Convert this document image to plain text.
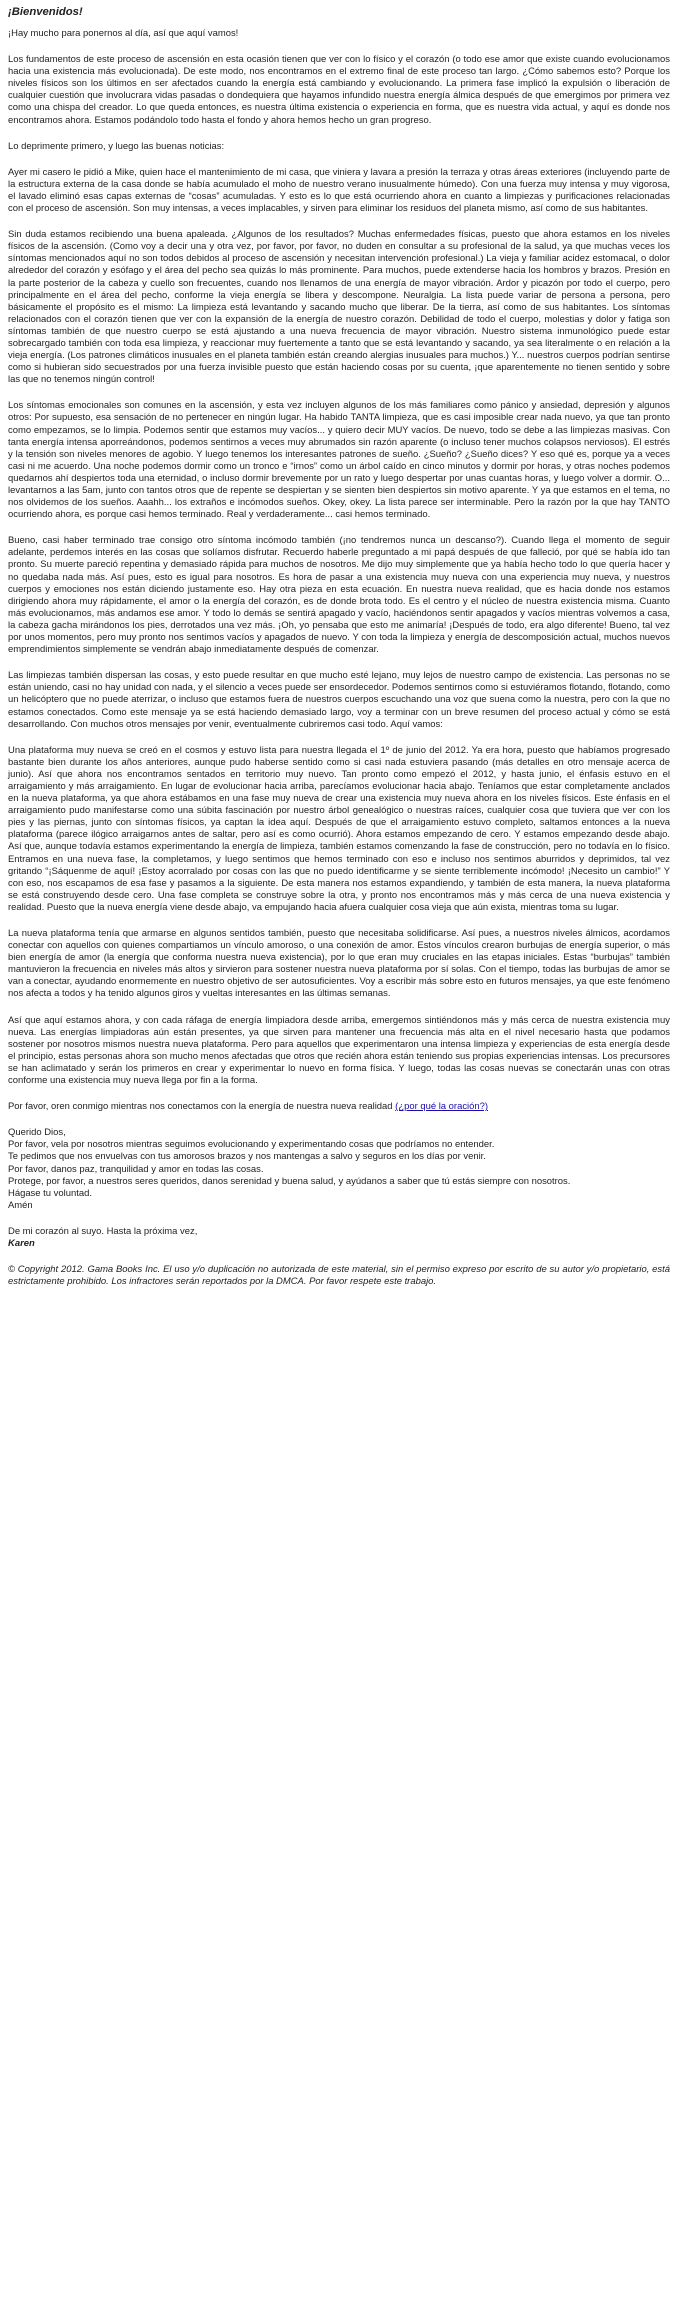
¡Bienvenidos!

¡Hay mucho para ponernos al día, así que aquí vamos!

Los fundamentos de este proceso de ascensión en esta ocasión tienen que ver con lo físico y el corazón (o todo ese amor que existe cuando evolucionamos hacia una existencia más evolucionada). De este modo, nos encontramos en el extremo final de este proceso tan largo. ¿Cómo sabemos esto? Porque los niveles físicos son los últimos en ser afectados cuando la energía está cambiando y evolucionando. La primera fase implicó la expulsión o liberación de cualquier cuestión que involucrara vidas pasadas o dondequiera que hayamos infundido nuestra energía álmica después de que emergimos por primera vez como una chispa del creador. Lo que queda entonces, es nuestra última existencia o experiencia en forma, que es nuestra vida actual, y aquí es donde nos encontramos ahora. Estamos podándolo todo hasta el fondo y ahora hemos hecho un gran progreso.

Lo deprimente primero, y luego las buenas noticias:

Ayer mi casero le pidió a Mike, quien hace el mantenimiento de mi casa, que viniera y lavara a presión la terraza y otras áreas exteriores (incluyendo parte de la estructura externa de la casa donde se había acumulado el moho de nuestro verano inusualmente húmedo). Con una fuerza muy intensa y muy vigorosa, el lavado eliminó esas capas externas de “cosas” acumuladas. Y esto es lo que está ocurriendo ahora en cuanto a limpiezas y purificaciones relacionadas con el proceso de ascensión. Son muy intensas, a veces implacables, y sirven para eliminar los residuos del planeta mismo, así como de sus habitantes.

Sin duda estamos recibiendo una buena apaleada. ¿Algunos de los resultados? Muchas enfermedades físicas, puesto que ahora estamos en los niveles físicos de la ascensión. (Como voy a decir una y otra vez, por favor, por favor, no duden en consultar a su profesional de la salud, ya que muchas veces los síntomas mencionados aquí no son todos debidos al proceso de ascensión y necesitan intervención profesional.) La vieja y familiar acidez estomacal, o dolor alrededor del corazón y esófago y el área del pecho sea quizás lo más prominente. Para muchos, puede extenderse hacia los hombros y brazos. Presión en la parte posterior de la cabeza y cuello son frecuentes, cuando nos llenamos de una energía de mayor vibración. Ardor y picazón por todo el cuerpo, pero principalmente en el área del pecho, conforme la vieja energía se libera y descompone. Neuralgia. La lista puede variar de persona a persona, pero básicamente el propósito es el mismo: La limpieza está levantando y sacando mucho que liberar. De la tierra, así como de sus habitantes. Los síntomas relacionados con el corazón tienen que ver con la expansión de la energía de nuestro corazón. Debilidad de todo el cuerpo, molestias y dolor y fatiga son síntomas también de que nuestro cuerpo se está ajustando a una nueva frecuencia de mayor vibración. Nuestro sistema inmunológico puede estar sobrecargado también con toda esa limpieza, y reaccionar muy fuertemente a tanto que se está levantando y sacando, ya sea literalmente o en relación a la vieja energía. (Los patrones climáticos inusuales en el planeta también están creando alergias inusuales para muchos.) Y... nuestros cuerpos podrían sentirse como si hubieran sido secuestrados por una fuerza invisible puesto que están haciendo cosas por su cuenta, ¡que aparentemente no tienen sentido y sobre las que no tenemos ningún control!

Los síntomas emocionales son comunes en la ascensión, y esta vez incluyen algunos de los más familiares como pánico y ansiedad, depresión y algunos otros: Por supuesto, esa sensación de no pertenecer en ningún lugar. Ha habido TANTA limpieza, que es casi imposible crear nada nuevo, ya que tan pronto como empezamos, se lo limpia. Podemos sentir que estamos muy vacíos... y quiero decir MUY vacíos. De nuevo, todo se debe a las limpiezas masivas. Con tanta energía intensa aporreándonos, podemos sentirnos a veces muy abrumados sin razón aparente (o incluso tener muchos colapsos nerviosos). El estrés y la tensión son niveles menores de agobio. Y luego tenemos los interesantes patrones de sueño. ¿Sueño? ¿Sueño dices? Y eso qué es, porque ya a veces casi ni me acuerdo. Una noche podemos dormir como un tronco e “irnos” como un árbol caído en cinco minutos y dormir por horas, y otras noches podemos quedarnos ahí despiertos toda una eternidad, o incluso dormir brevemente por un rato y luego despertar por unas cuantas horas, y luego volver a dormir. O... levantarnos a las 5am, junto con tantos otros que de repente se despiertan y se sienten bien despiertos sin motivo aparente. Y ya que estamos en el tema, no nos olvidemos de los sueños. Aaahh... los extraños e incómodos sueños. Okey, okey. La lista parece ser interminable. Pero la razón por la que hay TANTO ocurriendo ahora, es porque casi hemos terminado. Real y verdaderamente... casi hemos terminado.

Bueno, casi haber terminado trae consigo otro síntoma incómodo también (¡no tendremos nunca un descanso?). Cuando llega el momento de seguir adelante, perdemos interés en las cosas que solíamos disfrutar. Recuerdo haberle preguntado a mi papá después de que falleció, por qué se había ido tan pronto. Su muerte pareció repentina y demasiado rápida para muchos de nosotros. Me dijo muy simplemente que ya había hecho todo lo que quería hacer y no quedaba nada más. Así pues, esto es igual para nosotros. Es hora de pasar a una existencia muy nueva con una experiencia muy nueva, y nuestros cuerpos y emociones nos están diciendo justamente eso. Hay otra pieza en esta ecuación. En nuestra nueva realidad, que es hacia donde nos estamos dirigiendo ahora muy rápidamente, el amor o la energía del corazón, es de donde brota todo. Es el centro y el núcleo de nuestra existencia misma. Cuanto más evolucionamos, más andamos ese amor. Y todo lo demás se sentirá apagado y vacío, haciéndonos sentir apagados y vacíos mientras volvemos a casa, la cabeza gacha mirándonos los pies, derrotados una vez más. ¡Oh, yo pensaba que esto me animaría! ¡Después de todo, era algo diferente! Bueno, tal vez por unos momentos, pero muy pronto nos sentimos vacíos y apagados de nuevo. Y con toda la limpieza y energía de descomposición actual, muchos nuevos emprendimientos simplemente se vendrán abajo inmediatamente después de comenzar.

Las limpiezas también dispersan las cosas, y esto puede resultar en que mucho esté lejano, muy lejos de nuestro campo de existencia. Las personas no se están uniendo, casi no hay unidad con nada, y el silencio a veces puede ser ensordecedor. Podemos sentirnos como si estuviéramos flotando, flotando, como un helicóptero que no puede aterrizar, o incluso que estamos fuera de nuestros cuerpos escuchando una voz que suena como la nuestra, pero con la que no estamos conectados. Como este mensaje ya se está haciendo demasiado largo, voy a terminar con un breve resumen del proceso actual y cómo se está desarrollando. Con muchos otros mensajes por venir, eventualmente cubriremos casi todo. Aquí vamos:

Una plataforma muy nueva se creó en el cosmos y estuvo lista para nuestra llegada el 1º de junio del 2012. Ya era hora, puesto que habíamos progresado bastante bien durante los años anteriores, aunque pudo haberse sentido como si casi nada estuviera pasando (más detalles en otro mensaje acerca de junio). Así que ahora nos encontramos sentados en territorio muy nuevo. Tan pronto como empezó el 2012, y hasta junio, el énfasis estuvo en el arraigamiento y más arraigamiento. En lugar de evolucionar hacia arriba, parecíamos evolucionar hacia abajo. Teníamos que estar completamente anclados en la nueva plataforma, ya que ahora estábamos en una fase muy nueva de crear una existencia muy nueva ahora en los niveles físicos. Este énfasis en el arraigamiento pudo manifestarse como una súbita fascinación por nuestro árbol genealógico o nuestras raíces, cualquier cosa que tuviera que ver con los pies y las piernas, junto con síntomas físicos, ya captan la idea aquí. Después de que el arraigamiento estuvo completo, saltamos entonces a la nueva plataforma (parece ilógico arraigarnos antes de saltar, pero así es como ocurrió). Ahora estamos empezando de cero. Y estamos empezando desde abajo. Así que, aunque todavía estamos experimentando la energía de limpieza, también estamos comenzando la fase de construcción, pero no todavía en lo físico. Entramos en una nueva fase, la completamos, y luego sentimos que hemos terminado con eso e incluso nos sentimos aburridos y deprimidos, tal vez gritando “¡Sáquenme de aquí! ¡Estoy acorralado por cosas con las que no puedo identificarme y se siente terriblemente incómodo! ¡Necesito un cambio!” Y con eso, nos escapamos de esa fase y pasamos a la siguiente. De esta manera nos estamos expandiendo, y también de esta manera, la nueva plataforma se está construyendo desde cero. Una fase completa se construye sobre la otra, y pronto nos encontramos más y más cerca de una nueva existencia y realidad. Puesto que la nueva energía viene desde abajo, va empujando hacia afuera cualquier cosa vieja que aún exista, mientras toma su lugar.

La nueva plataforma tenía que armarse en algunos sentidos también, puesto que necesitaba solidificarse. Así pues, a nuestros niveles álmicos, acordamos conectar con aquellos con quienes compartiamos un vínculo amoroso, o una conexión de amor. Estos vínculos crearon burbujas de energía superior, o más bien energía de amor (la energía que conforma nuestra nueva existencia), por lo que eran muy cruciales en las etapas iniciales. Estas “burbujas” también mantuvieron la frecuencia en niveles más altos y sirvieron para sostener nuestra nueva plataforma por sí solas. Con el tiempo, todas las burbujas de amor se van a conectar, ayudando enormemente en nuestro objetivo de ser autosuficientes. Voy a escribir más sobre esto en futuros mensajes, ya que este fenómeno nos afecta a todos y ha tenido algunos giros y vueltas interesantes en las últimas semanas.

Así que aquí estamos ahora, y con cada ráfaga de energía limpiadora desde arriba, emergemos sintiéndonos más y más cerca de nuestra existencia muy nueva. Las energías limpiadoras aún están presentes, ya que sirven para mantener una frecuencia más alta en el nivel necesario hasta que podamos sostener por nosotros mismos nuestra nueva plataforma. Pero para aquellos que experimentaron una intensa limpieza y experiencias de esta energía desde el principio, estas personas ahora son mucho menos afectadas que otros que recién ahora están teniendo sus propias experiencias intensas. Los precursores se han aclimatado y serán los primeros en crear y experimentar lo nuevo en forma física. Y luego, todas las cosas nuevas se conectarán unas con otras conforme una existencia muy nueva llega por fin a la forma.

Por favor, oren conmigo mientras nos conectamos con la energía de nuestra nueva realidad (¿por qué la oración?)

Querido Dios,
Por favor, vela por nosotros mientras seguimos evolucionando y experimentando cosas que podríamos no entender.
Te pedimos que nos envuelvas con tus amorosos brazos y nos mantengas a salvo y seguros en los días por venir.
Por favor, danos paz, tranquilidad y amor en todas las cosas.
Protege, por favor, a nuestros seres queridos, danos serenidad y buena salud, y ayúdanos a saber que tú estás siempre con nosotros.
Hágase tu voluntad.
Amén
De mi corazón al suyo. Hasta la próxima vez,
Karen

© Copyright 2012. Gama Books Inc. El uso y/o duplicación no autorizada de este material, sin el permiso expreso por escrito de su autor y/o propietario, está estrictamente prohibido. Los infractores serán reportados por la DMCA. Por favor respete este trabajo.
